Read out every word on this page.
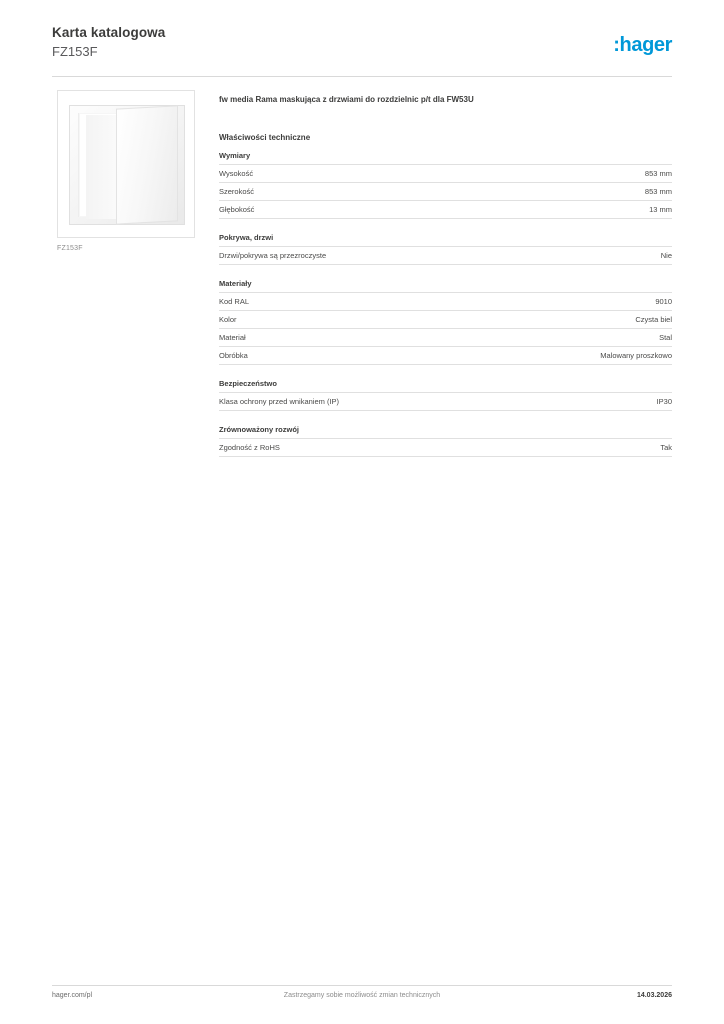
Karta katalogowa
FZ153F	:hager
FZ153F
fw media Rama maskująca z drzwiami do rozdzielnic p/t dla FW53U
Właściwości techniczne
Wymiary
Wysokość	853 mm
Szerokość	853 mm
Głębokość	13 mm
Pokrywa, drzwi
Drzwi/pokrywa są przezroczyste	Nie
Materiały
Kod RAL	9010
Kolor	Czysta biel
Materiał	Stal
Obróbka	Malowany proszkowo
Bezpieczeństwo
Klasa ochrony przed wnikaniem (IP)	IP30
Zrównoważony rozwój
Zgodność z RoHS	Tak
hager.com/pl	Zastrzegamy sobie możliwość zmian technicznych	14.03.2026
